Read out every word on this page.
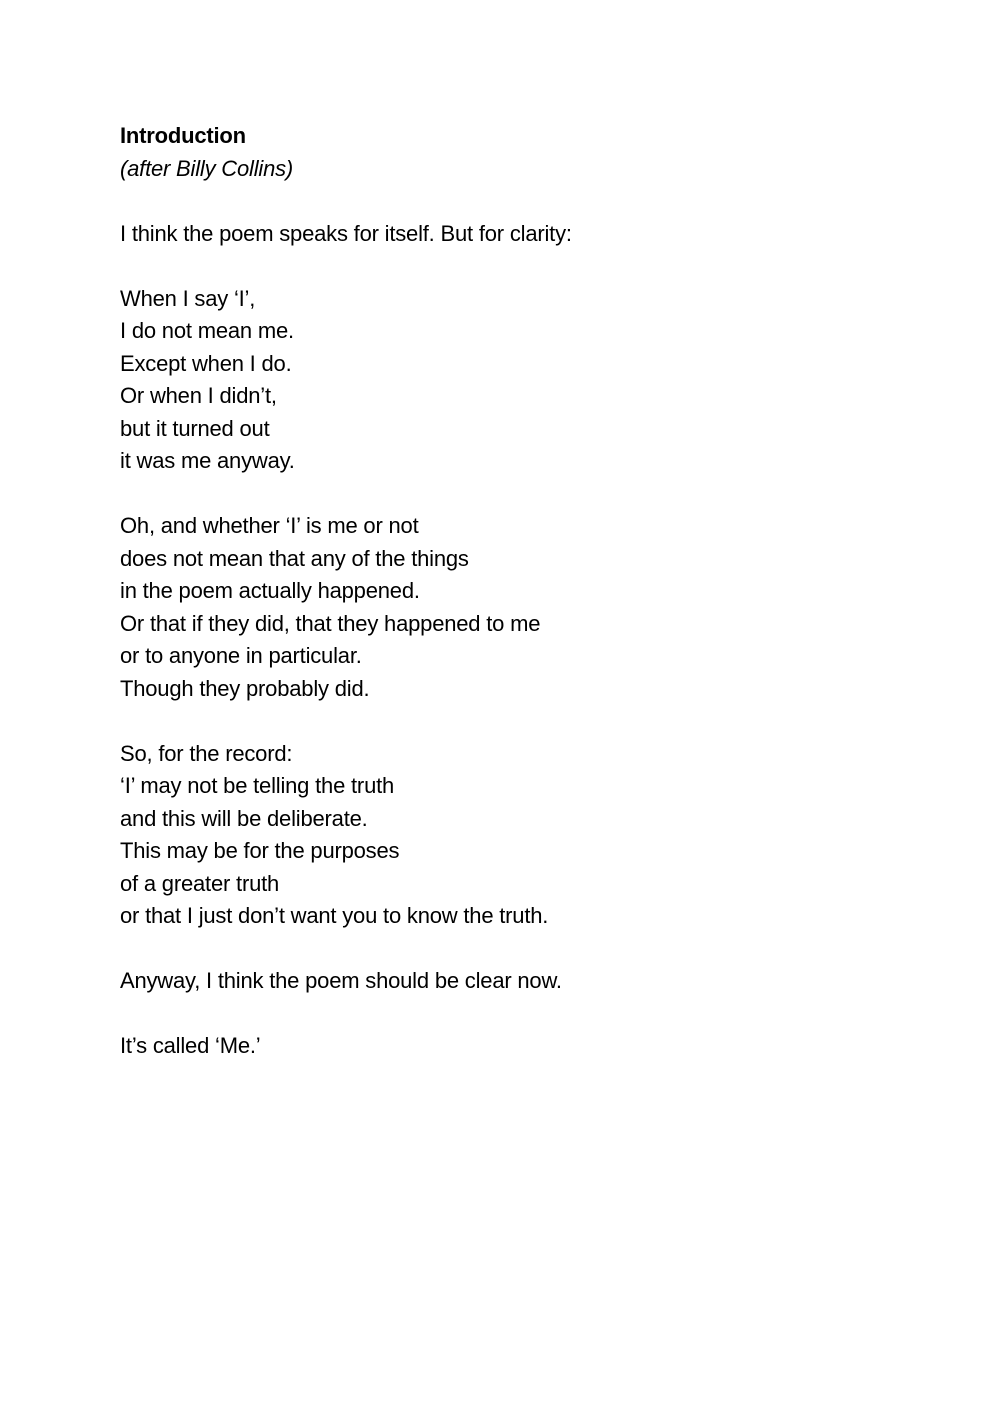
Introduction
(after Billy Collins)
I think the poem speaks for itself. But for clarity:
When I say ‘I’,
I do not mean me.
Except when I do.
Or when I didn’t,
but it turned out
it was me anyway.
Oh, and whether ‘I’ is me or not
does not mean that any of the things
in the poem actually happened.
Or that if they did, that they happened to me
or to anyone in particular.
Though they probably did.
So, for the record:
‘I’ may not be telling the truth
and this will be deliberate.
This may be for the purposes
of a greater truth
or that I just don’t want you to know the truth.
Anyway, I think the poem should be clear now.
It’s called ‘Me.’
